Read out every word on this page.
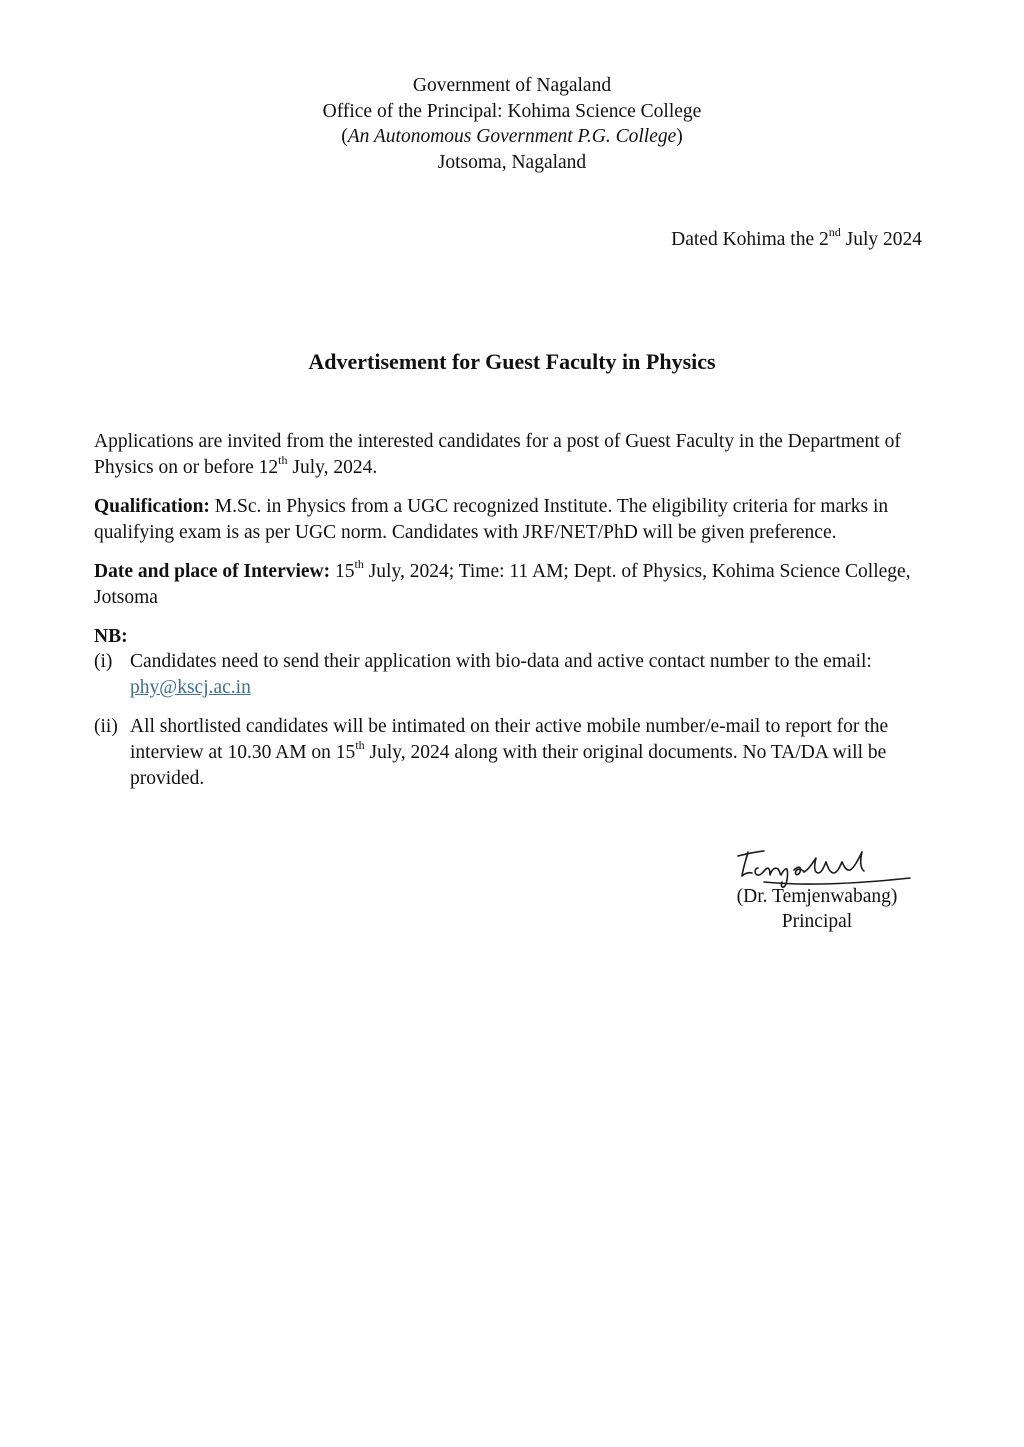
Government of Nagaland
Office of the Principal: Kohima Science College
(An Autonomous Government P.G. College)
Jotsoma, Nagaland
Dated Kohima the 2nd July 2024
Advertisement for Guest Faculty in Physics

Applications are invited from the interested candidates for a post of Guest Faculty in the Department of Physics on or before 12th July, 2024.

Qualification: M.Sc. in Physics from a UGC recognized Institute. The eligibility criteria for marks in qualifying exam is as per UGC norm. Candidates with JRF/NET/PhD will be given preference.

Date and place of Interview: 15th July, 2024; Time: 11 AM; Dept. of Physics, Kohima Science College, Jotsoma

NB:
(i) Candidates need to send their application with bio-data and active contact number to the email: phy@kscj.ac.in
(ii) All shortlisted candidates will be intimated on their active mobile number/e-mail to report for the interview at 10.30 AM on 15th July, 2024 along with their original documents. No TA/DA will be provided.
(Dr. Temjenwabang)
Principal
